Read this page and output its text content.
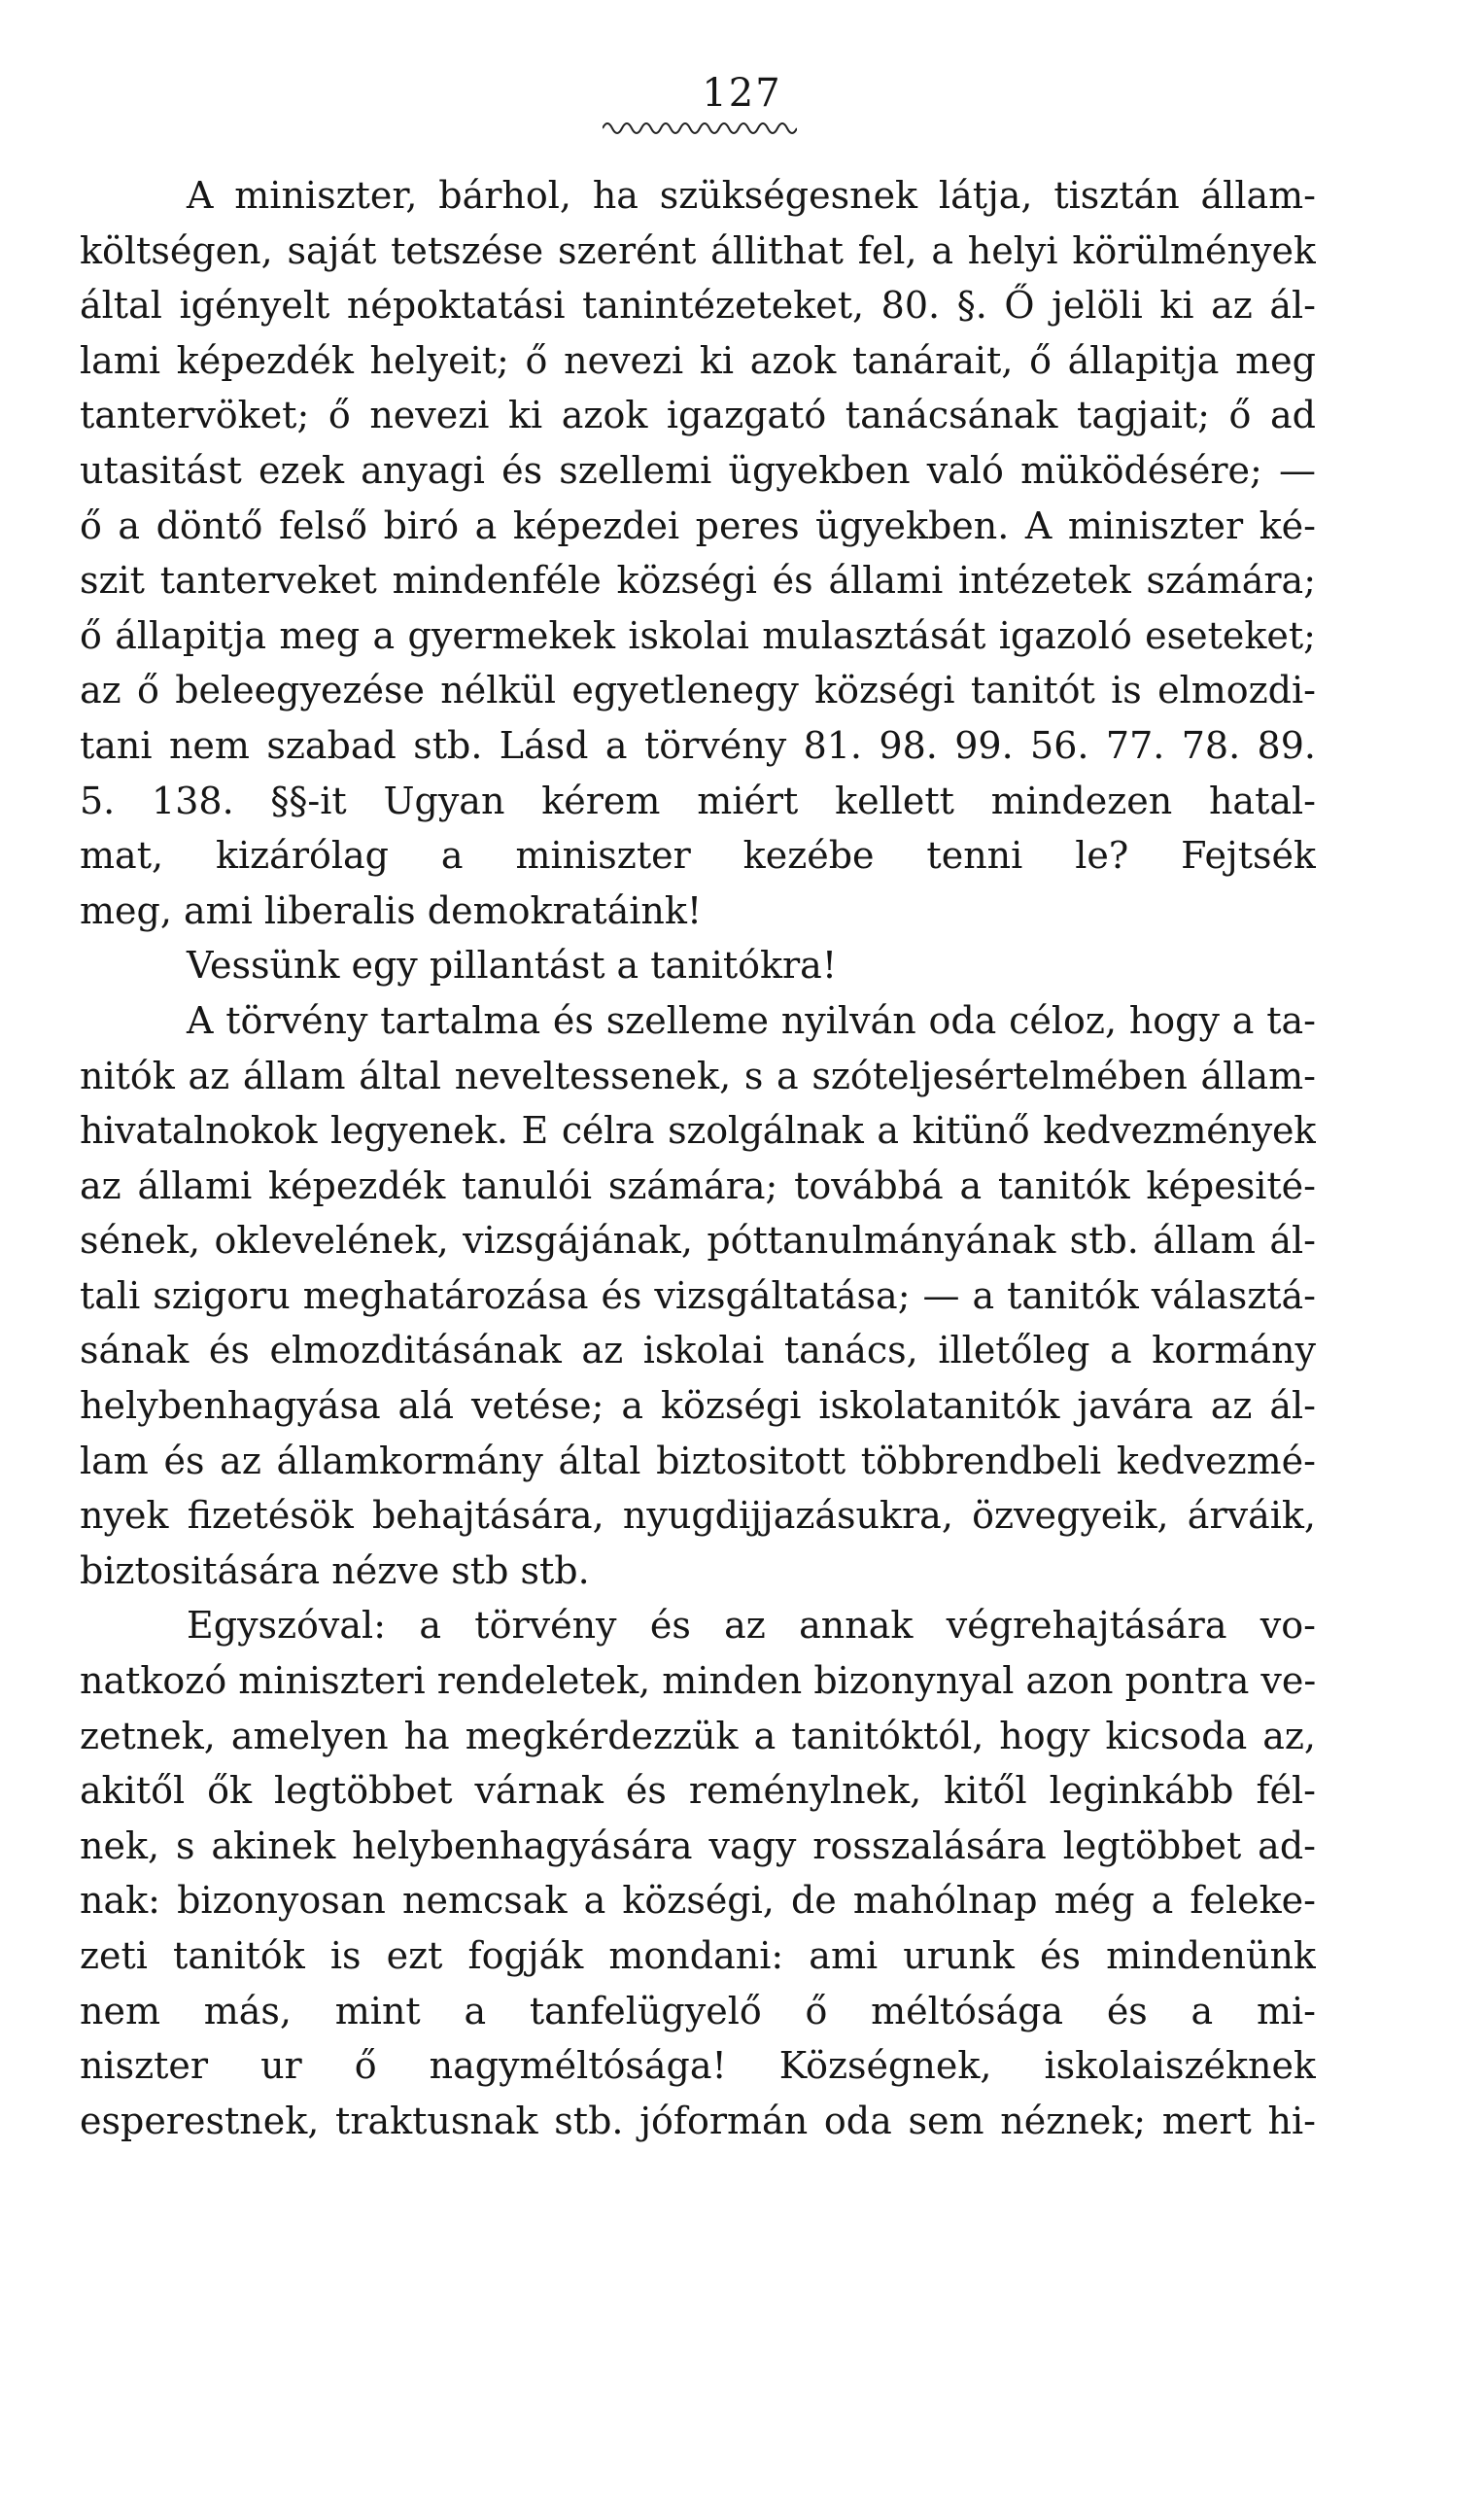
127
A miniszter, bárhol, ha szükségesnek látja, tisztán állam-
költségen, saját tetszése szerént állithat fel, a helyi körülmények
által igényelt népoktatási tanintézeteket, 80. §. Ő jelöli ki az ál-
lami képezdék helyeit; ő nevezi ki azok tanárait, ő állapitja meg
tantervöket; ő nevezi ki azok igazgató tanácsának tagjait; ő ad
utasitást ezek anyagi és szellemi ügyekben való müködésére; —
ő a döntő felső biró a képezdei peres ügyekben. A miniszter ké-
szit tanterveket mindenféle községi és állami intézetek számára;
ő állapitja meg a gyermekek iskolai mulasztását igazoló eseteket;
az ő beleegyezése nélkül egyetlenegy községi tanitót is elmozdi-
tani nem szabad stb. Lásd a törvény 81. 98. 99. 56. 77. 78. 89.
5. 138. §§-it Ugyan kérem miért kellett mindezen hatal-
mat, kizárólag a miniszter kezébe tenni le? Fejtsék
meg, ami liberalis demokratáink!
Vessünk egy pillantást a tanitókra!
A törvény tartalma és szelleme nyilván oda céloz, hogy a ta-
nitók az állam által neveltessenek, s a szóteljesértelmében állam-
hivatalnokok legyenek. E célra szolgálnak a kitünő kedvezmények
az állami képezdék tanulói számára; továbbá a tanitók képesité-
sének, oklevelének, vizsgájának, póttanulmányának stb. állam ál-
tali szigoru meghatározása és vizsgáltatása; — a tanitók választá-
sának és elmozditásának az iskolai tanács, illetőleg a kormány
helybenhagyása alá vetése; a községi iskolatanitók javára az ál-
lam és az államkormány által biztositott többrendbeli kedvezmé-
nyek fizetésök behajtására, nyugdijjazásukra, özvegyeik, árváik,
biztositására nézve stb stb.
Egyszóval: a törvény és az annak végrehajtására vo-
natkozó miniszteri rendeletek, minden bizonynyal azon pontra ve-
zetnek, amelyen ha megkérdezzük a tanitóktól, hogy kicsoda az,
akitől ők legtöbbet várnak és reménylnek, kitől leginkább fél-
nek, s akinek helybenhagyására vagy rosszalására legtöbbet ad-
nak: bizonyosan nemcsak a községi, de mahólnap még a feleke-
zeti tanitók is ezt fogják mondani: ami urunk és mindenünk
nem más, mint a tanfelügyelő ő méltósága és a mi-
niszter ur ő nagyméltósága! Községnek, iskolaiszéknek
esperestnek, traktusnak stb. jóformán oda sem néznek; mert hi-
